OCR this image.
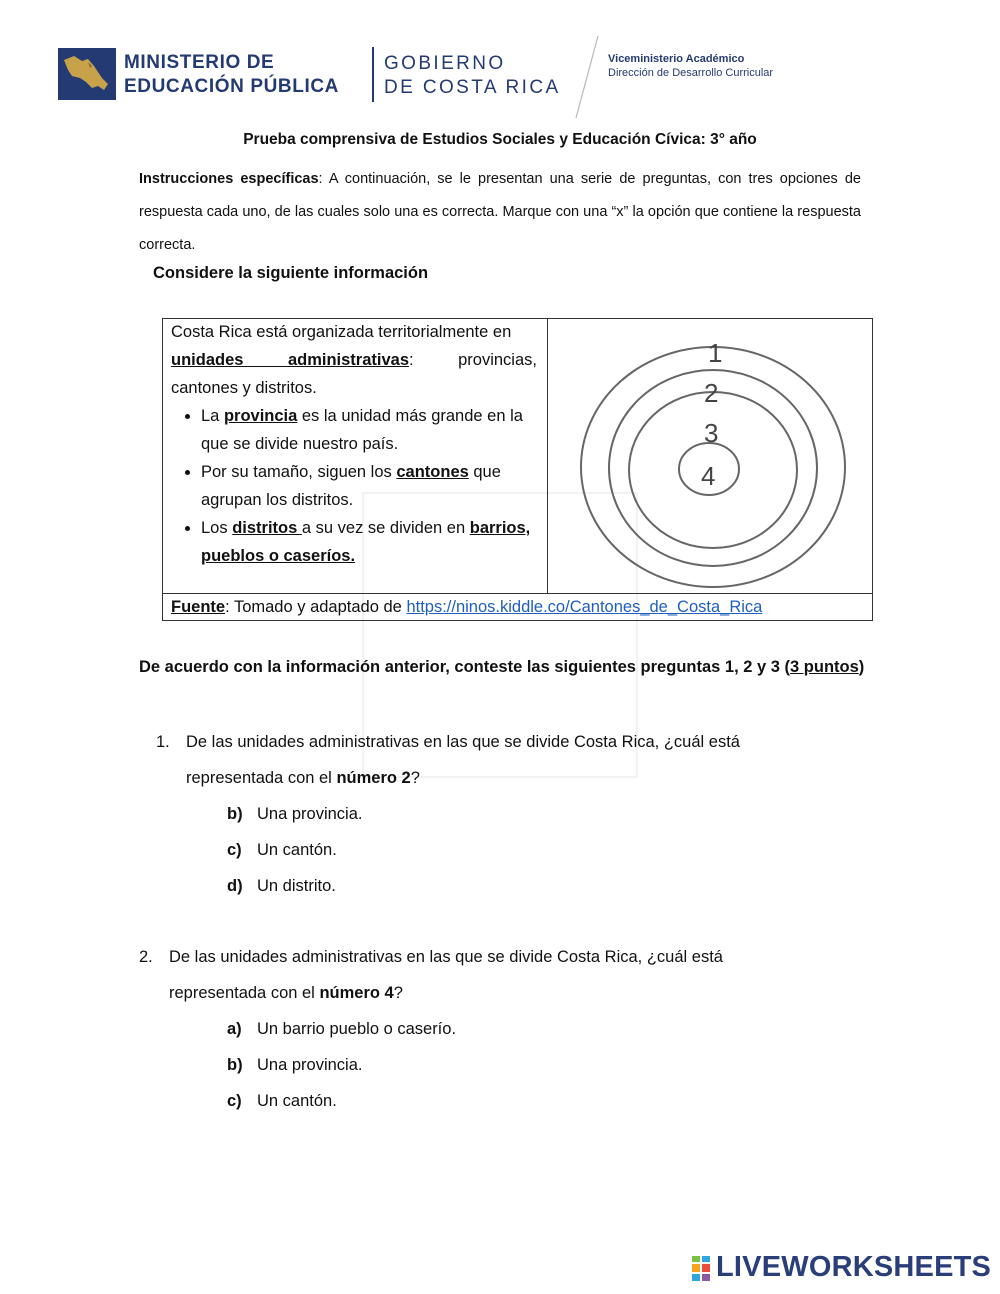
MINISTERIO DE
EDUCACIÓN PÚBLICA
GOBIERNO
DE COSTA RICA
Viceministerio Académico
Dirección de Desarrollo Curricular
Prueba comprensiva de Estudios Sociales y Educación Cívica: 3° año
Instrucciones específicas: A continuación, se le presentan una serie de preguntas, con tres opciones de respuesta cada uno, de las cuales solo una es correcta. Marque con una “x” la opción que contiene la respuesta correcta.
Considere la siguiente información
Costa Rica está organizada territorialmente en
unidades administrativas:	provincias,
cantones y distritos.
• La provincia es la unidad más grande en la que se divide nuestro país.
• Por su tamaño, siguen los cantones que agrupan los distritos.
• Los distritos a su vez se dividen en barrios, pueblos o caseríos.
1
2
3
4
Fuente: Tomado y adaptado de https://ninos.kiddle.co/Cantones_de_Costa_Rica
De acuerdo con la información anterior, conteste las siguientes preguntas 1, 2 y 3 (3 puntos)
1. De las unidades administrativas en las que se divide Costa Rica, ¿cuál está
representada con el número 2?
b) Una provincia.
c) Un cantón.
d) Un distrito.
2. De las unidades administrativas en las que se divide Costa Rica, ¿cuál está
representada con el número 4?
a) Un barrio pueblo o caserío.
b) Una provincia.
c) Un cantón.
LIVEWORKSHEETS
